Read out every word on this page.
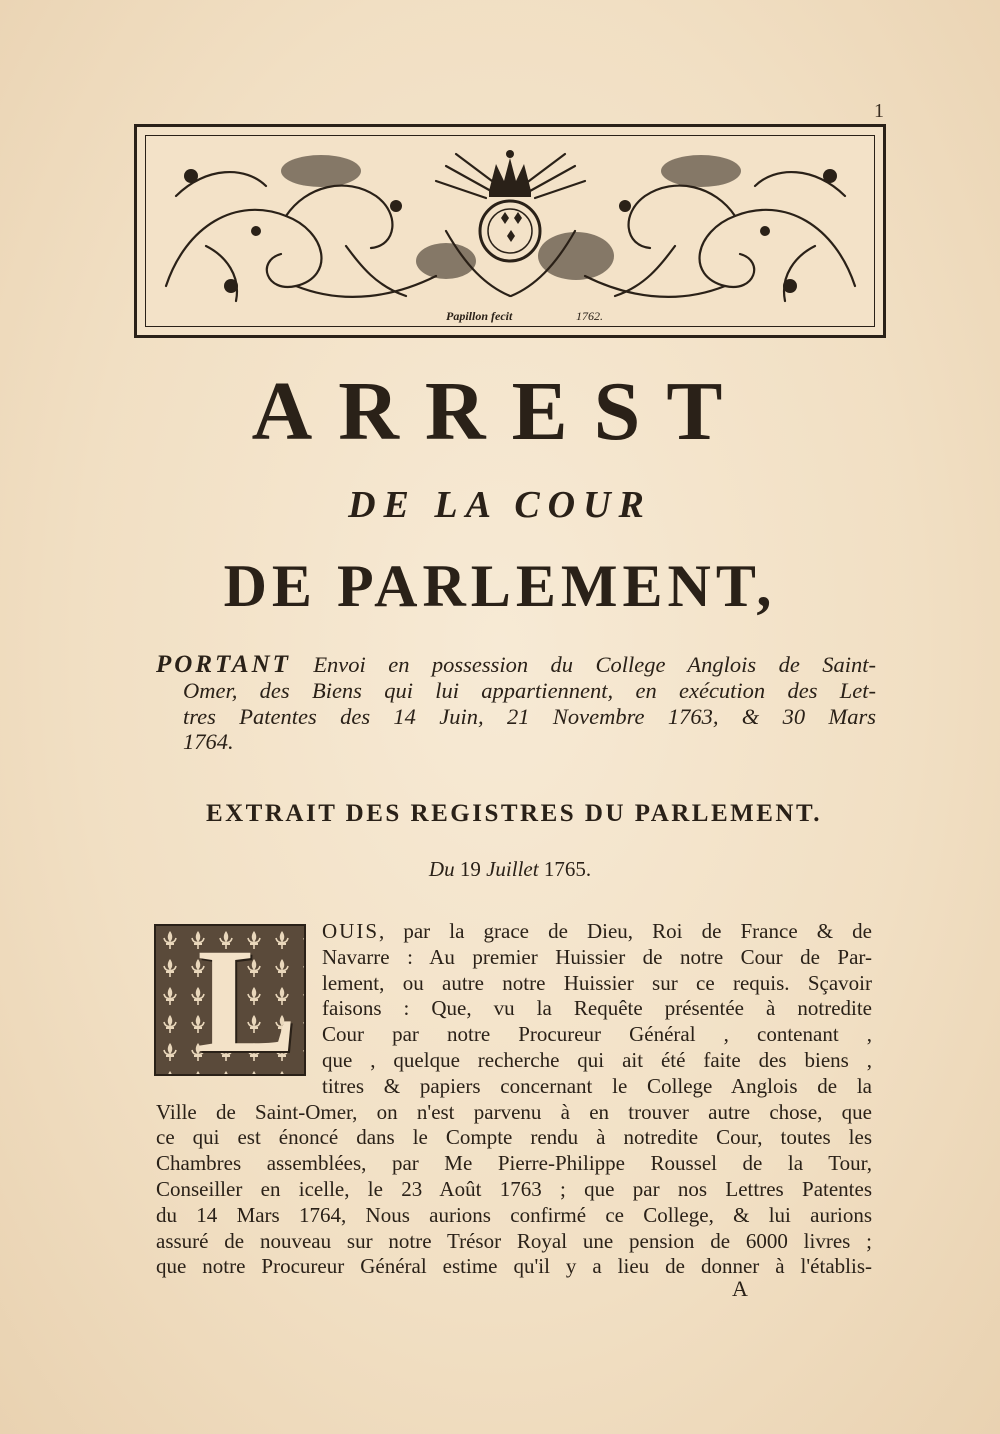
1
Papillon fecit	1762.
ARREST
DE LA COUR
DE PARLEMENT,

PORTANT Envoi en possession du College Anglois de Saint-

Omer, des Biens qui lui appartiennent, en exécution des Let-

tres Patentes des 14 Juin, 21 Novembre 1763, & 30 Mars

1764.

EXTRAIT DES REGISTRES DU PARLEMENT.
Du 19 Juillet 1765.
L	OUIS, par la grace de Dieu, Roi de France & de
Navarre : Au premier Huissier de notre Cour de Par-
lement, ou autre notre Huissier sur ce requis. Sçavoir
faisons : Que, vu la Requête présentée à notredite
Cour par notre Procureur Général , contenant ,
que , quelque recherche qui ait été faite des biens ,
titres & papiers concernant le College Anglois de la
Ville de Saint-Omer, on n'est parvenu à en trouver autre chose, que
ce qui est énoncé dans le Compte rendu à notredite Cour, toutes les
Chambres assemblées, par Me Pierre-Philippe Roussel de la Tour,
Conseiller en icelle, le 23 Août 1763 ; que par nos Lettres Patentes
du 14 Mars 1764, Nous aurions confirmé ce College, & lui aurions
assuré de nouveau sur notre Trésor Royal une pension de 6000 livres ;
que notre Procureur Général estime qu'il y a lieu de donner à l'établis-
A
